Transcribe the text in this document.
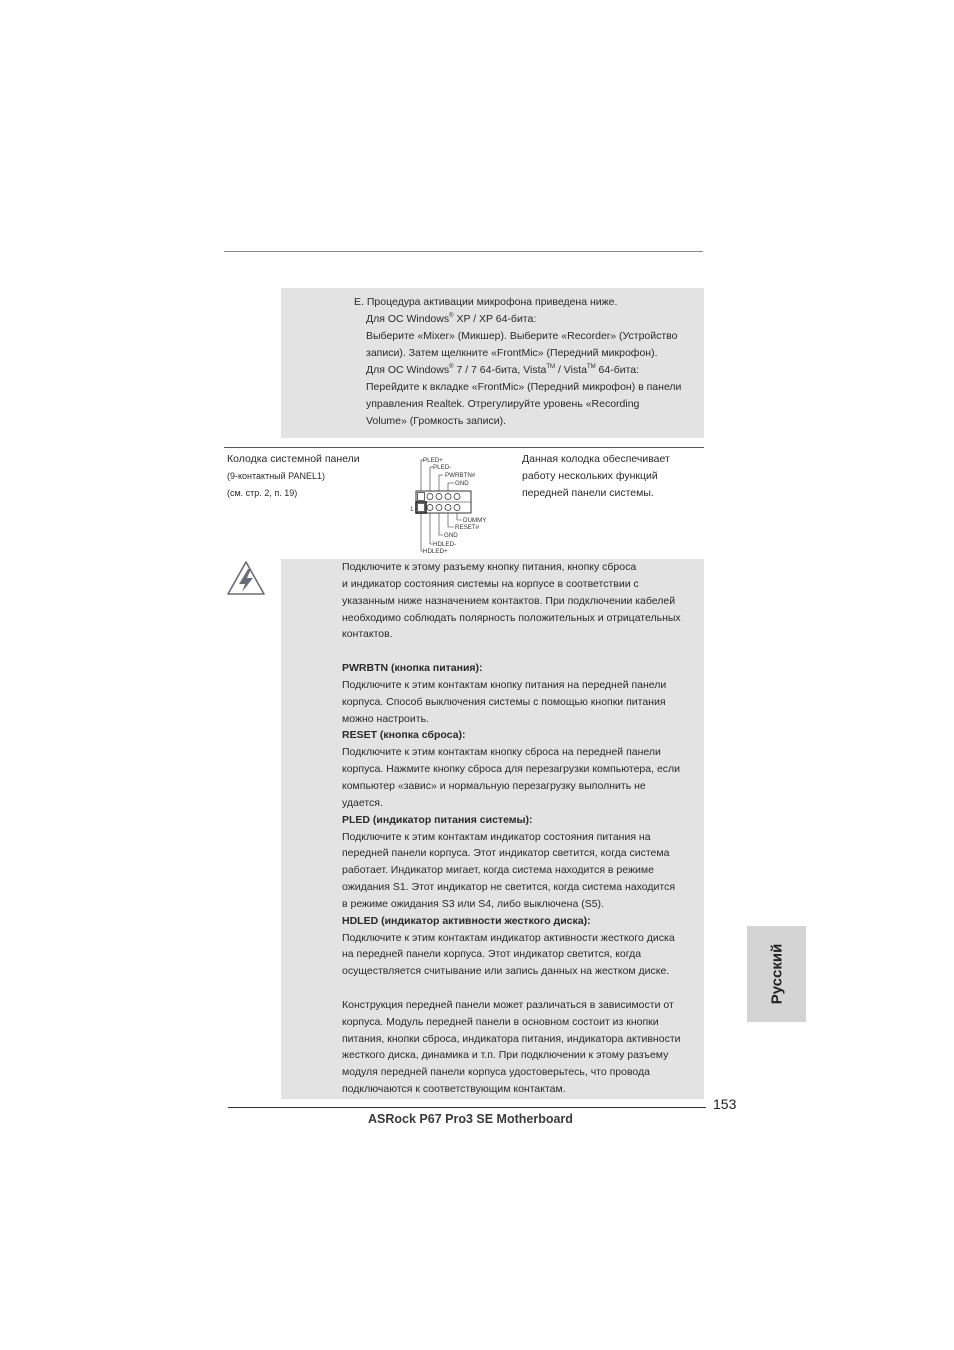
E. Процедура активации микрофона приведена ниже.
Для ОС Windows® XP / XP 64-бита:
Выберите «Mixer» (Микшер). Выберите «Recorder» (Устройство
записи). Затем щелкните «FrontMic» (Передний микрофон).
Для ОС Windows® 7 / 7 64-бита, Vista™ / Vista™ 64-бита:
Перейдите к вкладке «FrontMic» (Передний микрофон) в панели
управления Realtek. Отрегулируйте уровень «Recording
Volume» (Громкость записи).
Колодка системной панели
(9-контактный PANEL1)
(см. стр. 2, п. 19)
1
PLED+
PLED-
PWRBTN#
GND
DUMMY
RESET#
GND
HDLED-
HDLED+
Данная колодка обеспечивает
работу нескольких функций
передней панели системы.
Подключите к этому разъему кнопку питания, кнопку сброса
и индикатор состояния системы на корпусе в соответствии с
указанным ниже назначением контактов. При подключении кабелей
необходимо соблюдать полярность положительных и отрицательных
контактов.
PWRBTN (кнопка питания):
Подключите к этим контактам кнопку питания на передней панели
корпуса. Способ выключения системы с помощью кнопки питания
можно настроить.
RESET (кнопка сброса):
Подключите к этим контактам кнопку сброса на передней панели
корпуса. Нажмите кнопку сброса для перезагрузки компьютера, если
компьютер «завис» и нормальную перезагрузку выполнить не
удается.
PLED (индикатор питания системы):
Подключите к этим контактам индикатор состояния питания на
передней панели корпуса. Этот индикатор светится, когда система
работает. Индикатор мигает, когда система находится в режиме
ожидания S1. Этот индикатор не светится, когда система находится
в режиме ожидания S3 или S4, либо выключена (S5).
HDLED (индикатор активности жесткого диска):
Подключите к этим контактам индикатор активности жесткого диска
на передней панели корпуса. Этот индикатор светится, когда
осуществляется считывание или запись данных на жестком диске.
Конструкция передней панели может различаться в зависимости от
корпуса. Модуль передней панели в основном состоит из кнопки
питания, кнопки сброса, индикатора питания, индикатора активности
жесткого диска, динамика и т.п. При подключении к этому разъему
модуля передней панели корпуса удостоверьтесь, что провода
подключаются к соответствующим контактам.
Русский
153
ASRock P67 Pro3 SE Motherboard
